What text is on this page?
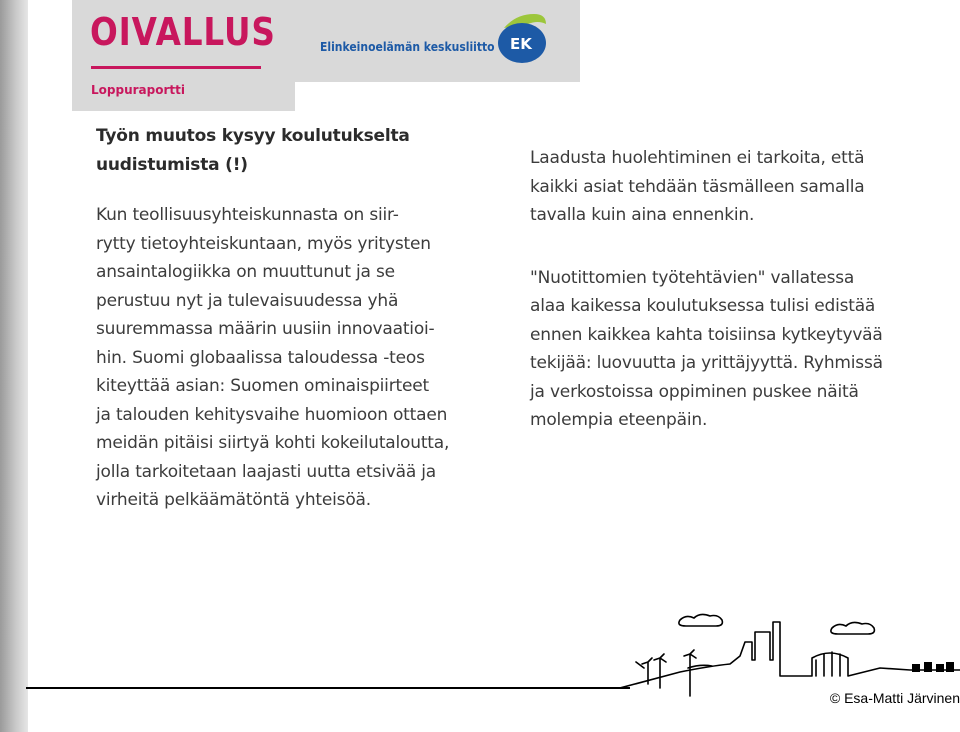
OIVALLUS
Loppuraportti
Elinkeinoelämän keskusliitto EK
Työn muutos kysyy koulutukselta
uudistumista (!)
Kun teollisuusyhteiskunnasta on siir-
rytty tietoyhteiskuntaan, myös yritysten
ansaintalogiikka on muuttunut ja se
perustuu nyt ja tulevaisuudessa yhä
suuremmassa määrin uusiin innovaatioi-
hin. Suomi globaalissa taloudessa -teos
kiteyttää asian: Suomen ominaispiirteet
ja talouden kehitysvaihe huomioon ottaen
meidän pitäisi siirtyä kohti kokeilutaloutta,
jolla tarkoitetaan laajasti uutta etsivää ja
virheitä pelkäämätöntä yhteisöä.
Laadusta huolehtiminen ei tarkoita, että
kaikki asiat tehdään täsmälleen samalla
tavalla kuin aina ennenkin.
"Nuotittomien työtehtävien" vallatessa
alaa kaikessa koulutuksessa tulisi edistää
ennen kaikkea kahta toisiinsa kytkeytyvää
tekijää: luovuutta ja yrittäjyyttä. Ryhmissä
ja verkostoissa oppiminen puskee näitä
molempia eteenpäin.
© Esa-Matti Järvinen
